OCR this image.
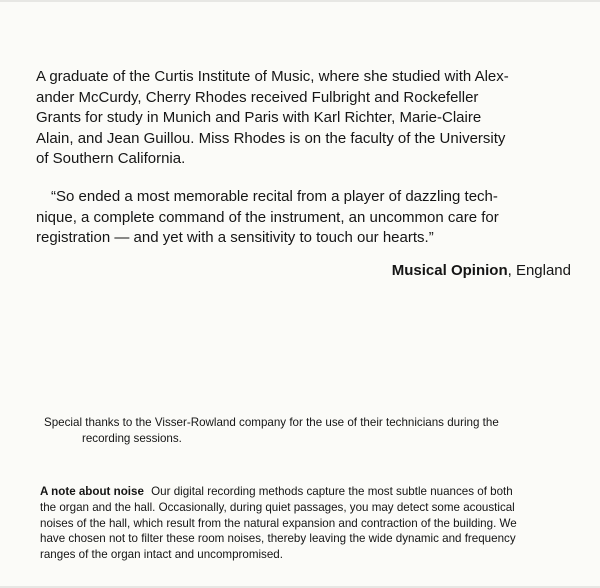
A graduate of the Curtis Institute of Music, where she studied with Alex-
ander McCurdy, Cherry Rhodes received Fulbright and Rockefeller
Grants for study in Munich and Paris with Karl Richter, Marie-Claire
Alain, and Jean Guillou. Miss Rhodes is on the faculty of the University
of Southern California.
“So ended a most memorable recital from a player of dazzling tech-
nique, a complete command of the instrument, an uncommon care for
registration — and yet with a sensitivity to touch our hearts.”
Musical Opinion, England
Special thanks to the Visser-Rowland company for the use of their technicians during the
recording sessions.
A note about noise Our digital recording methods capture the most subtle nuances of both
the organ and the hall. Occasionally, during quiet passages, you may detect some acoustical
noises of the hall, which result from the natural expansion and contraction of the building. We
have chosen not to filter these room noises, thereby leaving the wide dynamic and frequency
ranges of the organ intact and uncompromised.
